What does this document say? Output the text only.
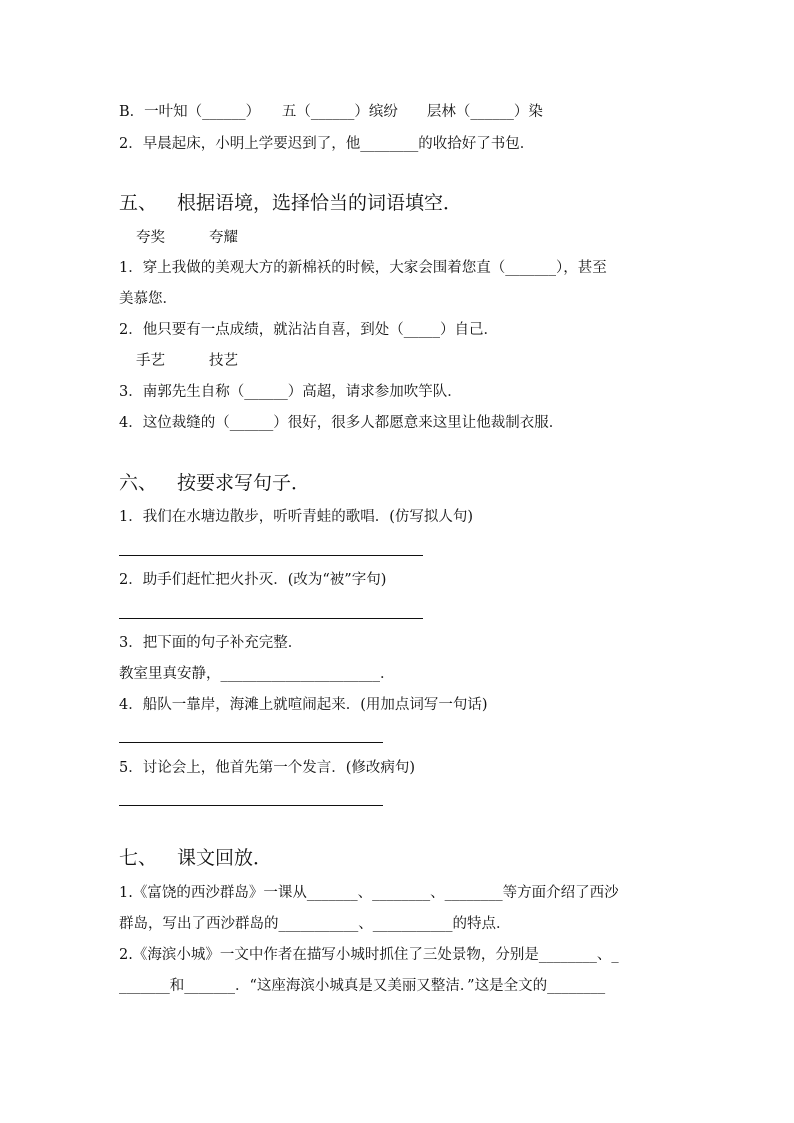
B．一叶知（______）　　五（______）缤纷　　层林（______）染
2．早晨起床，小明上学要迟到了，他________的收拾好了书包．
五、 根据语境，选择恰当的词语填空．
夸奖	夸耀
1．穿上我做的美观大方的新棉袄的时候，大家会围着您直（_______），甚至
美慕您．
2．他只要有一点成绩，就沾沾自喜，到处（_____）自己．
手艺	技艺
3．南郭先生自称（______）高超，请求参加吹竽队．
4．这位裁缝的（______）很好，很多人都愿意来这里让他裁制衣服．
六、 按要求写句子．
1．我们在水塘边散步，听听青蛙的歌唱．(仿写拟人句)
2．助手们赶忙把火扑灭．(改为“被”字句)
3．把下面的句子补充完整．
教室里真安静，______________________．
4．船队一靠岸，海滩上就喧闹起来．(用加点词写一句话)
5．讨论会上，他首先第一个发言．(修改病句)
七、 课文回放．
1.《富饶的西沙群岛》一课从_______、________、________等方面介绍了西沙
群岛，写出了西沙群岛的___________、___________的特点．
2.《海滨小城》一文中作者在描写小城时抓住了三处景物，分别是________、_
_______和_______．“这座海滨小城真是又美丽又整洁．”这是全文的________
